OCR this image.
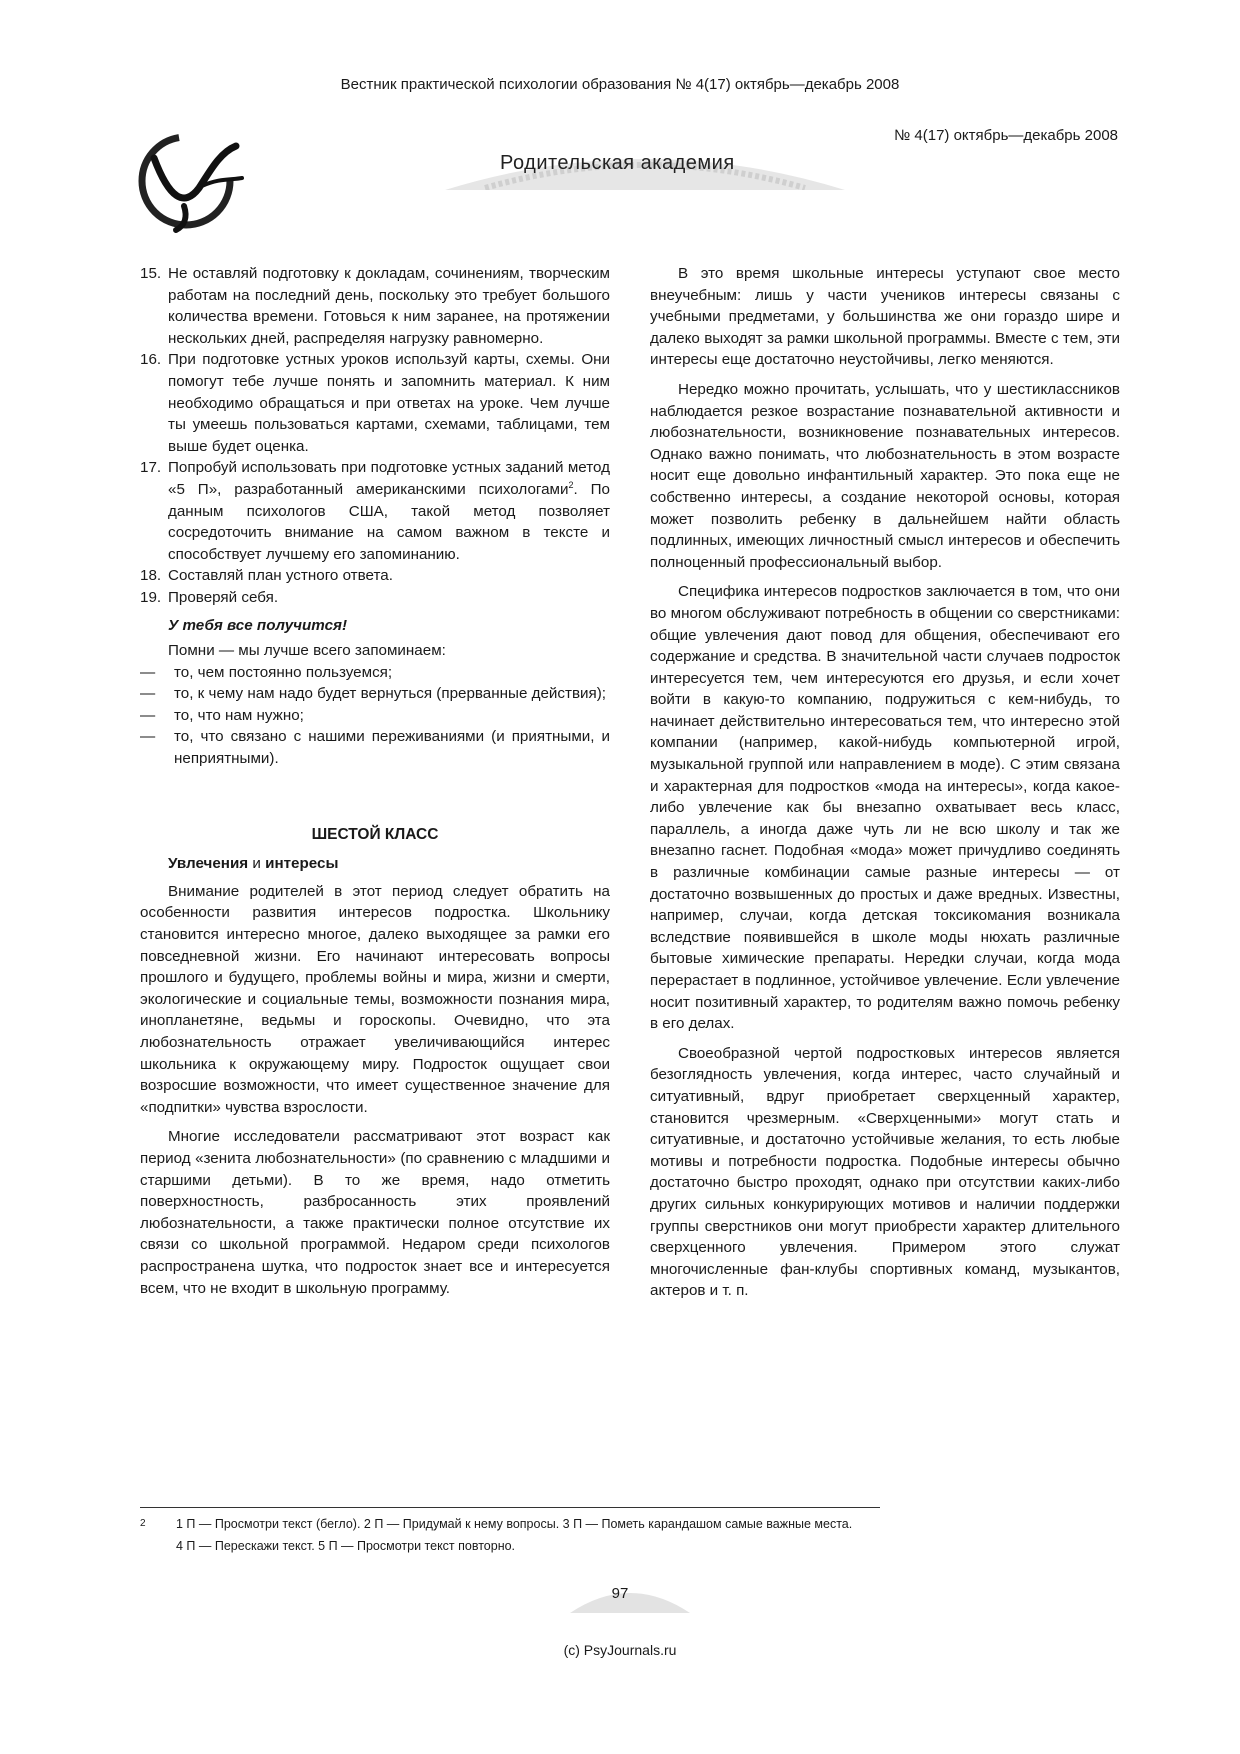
Вестник практической психологии образования № 4(17) октябрь—декабрь 2008
№ 4(17) октябрь—декабрь 2008
Родительская академия
15. Не оставляй подготовку к докладам, сочинениям, творческим работам на последний день, поскольку это требует большого количества времени. Готовься к ним заранее, на протяжении нескольких дней, распределяя нагрузку равномерно.
16. При подготовке устных уроков используй карты, схемы. Они помогут тебе лучше понять и запомнить материал. К ним необходимо обращаться и при ответах на уроке. Чем лучше ты умеешь пользоваться картами, схемами, таблицами, тем выше будет оценка.
17. Попробуй использовать при подготовке устных заданий метод «5 П», разработанный американскими психологами$^2$. По данным психологов США, такой метод позволяет сосредоточить внимание на самом важном в тексте и способствует лучшему его запоминанию.
18. Составляй план устного ответа.
19. Проверяй себя.
У тебя все получится!
Помни — мы лучше всего запоминаем:
—	то, чем постоянно пользуемся;
—	то, к чему нам надо будет вернуться (прерванные действия);
—	то, что нам нужно;
—	то, что связано с нашими переживаниями (и приятными, и неприятными).
ШЕСТОЙ КЛАСС
Увлечения и интересы

Внимание родителей в этот период следует обратить на особенности развития интересов подростка. Школьнику становится интересно многое, далеко выходящее за рамки его повседневной жизни. Его начинают интересовать вопросы прошлого и будущего, проблемы войны и мира, жизни и смерти, экологические и социальные темы, возможности познания мира, инопланетяне, ведьмы и гороскопы. Очевидно, что эта любознательность отражает увеличивающийся интерес школьника к окружающему миру. Подросток ощущает свои возросшие возможности, что имеет существенное значение для «подпитки» чувства взрослости.

Многие исследователи рассматривают этот возраст как период «зенита любознательности» (по сравнению с младшими и старшими детьми). В то же время, надо отметить поверхностность, разбросанность этих проявлений любознательности, а также практически полное отсутствие их связи со школьной программой. Недаром среди психологов распространена шутка, что подросток знает все и интересуется всем, что не входит в школьную программу.

В это время школьные интересы уступают свое место внеучебным: лишь у части учеников интересы связаны с учебными предметами, у большинства же они гораздо шире и далеко выходят за рамки школьной программы. Вместе с тем, эти интересы еще достаточно неустойчивы, легко меняются.

Нередко можно прочитать, услышать, что у шестиклассников наблюдается резкое возрастание познавательной активности и любознательности, возникновение познавательных интересов. Однако важно понимать, что любознательность в этом возрасте носит еще довольно инфантильный характер. Это пока еще не собственно интересы, а создание некоторой основы, которая может позволить ребенку в дальнейшем найти область подлинных, имеющих личностный смысл интересов и обеспечить полноценный профессиональный выбор.

Специфика интересов подростков заключается в том, что они во многом обслуживают потребность в общении со сверстниками: общие увлечения дают повод для общения, обеспечивают его содержание и средства. В значительной части случаев подросток интересуется тем, чем интересуются его друзья, и если хочет войти в какую-то компанию, подружиться с кем-нибудь, то начинает действительно интересоваться тем, что интересно этой компании (например, какой-нибудь компьютерной игрой, музыкальной группой или направлением в моде). С этим связана и характерная для подростков «мода на интересы», когда какое-либо увлечение как бы внезапно охватывает весь класс, параллель, а иногда даже чуть ли не всю школу и так же внезапно гаснет. Подобная «мода» может причудливо соединять в различные комбинации самые разные интересы — от достаточно возвышенных до простых и даже вредных. Известны, например, случаи, когда детская токсикомания возникала вследствие появившейся в школе моды нюхать различные бытовые химические препараты. Нередки случаи, когда мода перерастает в подлинное, устойчивое увлечение. Если увлечение носит позитивный характер, то родителям важно помочь ребенку в его делах.

Своеобразной чертой подростковых интересов является безоглядность увлечения, когда интерес, часто случайный и ситуативный, вдруг приобретает сверхценный характер, становится чрезмерным. «Сверхценными» могут стать и ситуативные, и достаточно устойчивые желания, то есть любые мотивы и потребности подростка. Подобные интересы обычно достаточно быстро проходят, однако при отсутствии каких-либо других сильных конкурирующих мотивов и наличии поддержки группы сверстников они могут приобрести характер длительного сверхценного увлечения. Примером этого служат многочисленные фан-клубы спортивных команд, музыкантов, актеров и т. п.

2 1 П — Просмотри текст (бегло). 2 П — Придумай к нему вопросы. 3 П — Пометь карандашом самые важные места.
4 П — Перескажи текст. 5 П — Просмотри текст повторно.
97
(c) PsyJournals.ru
